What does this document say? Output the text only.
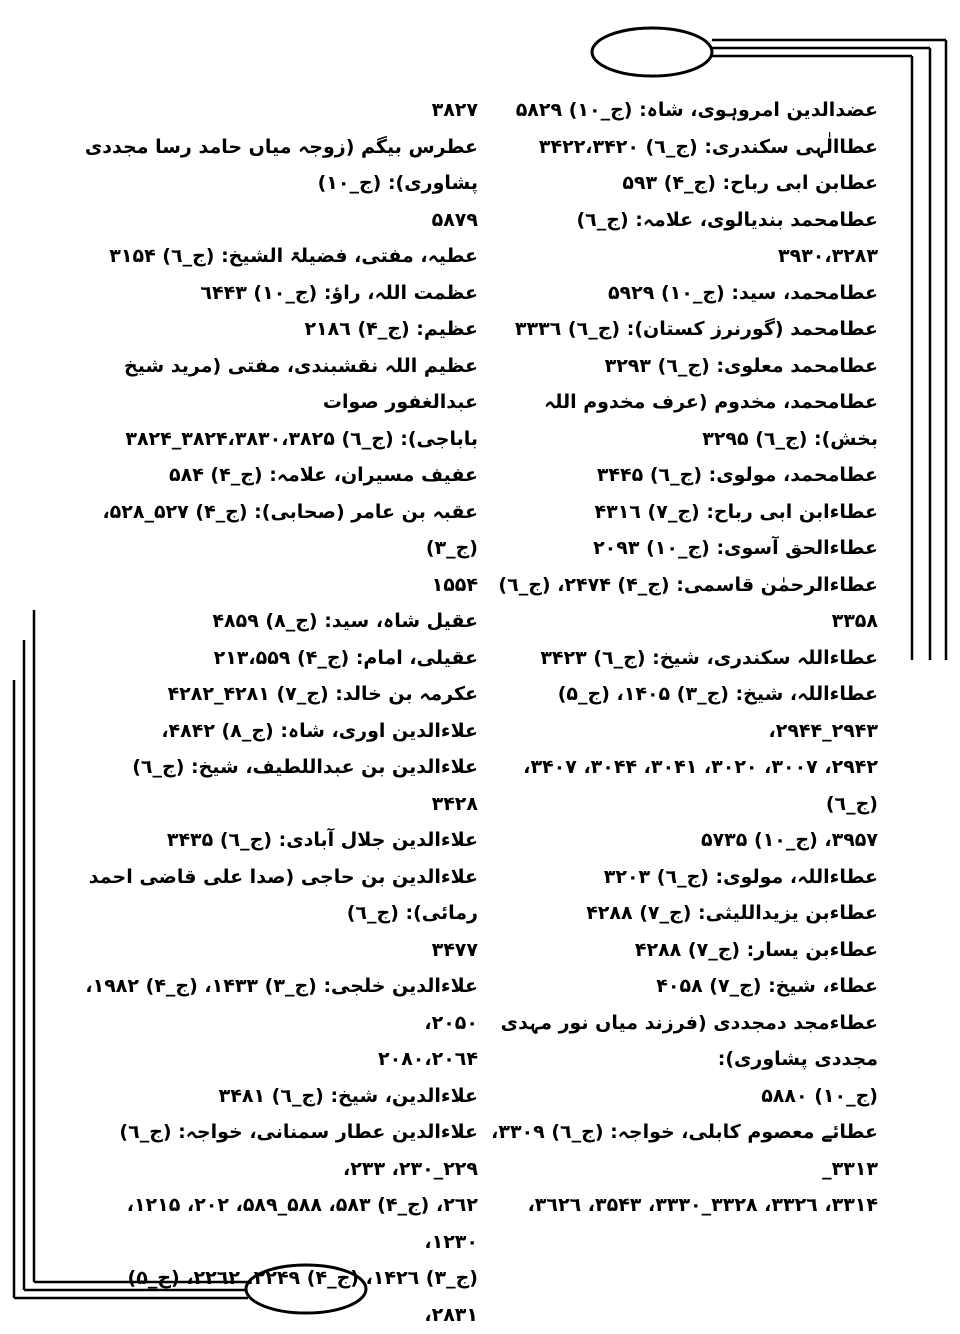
عضدالدین امروہوی، شاہ: (ج_۱۰) ۵۸۲۹
عطاالٰہی سکندری: (ج_٦) ۳۴۲۲،۳۴۲۰
عطابن ابی رباح: (ج_۴) ۵۹۳
عطامحمد بندیالوی، علامہ: (ج_٦) ۳۹۳۰،۳۲۸۳
عطامحمد، سید: (ج_۱۰) ۵۹۲۹
عطامحمد (گورنرز کستان): (ج_٦) ۳۳۳٦
عطامحمد معلوی: (ج_٦) ۳۲۹۳
عطامحمد، مخدوم (عرف مخدوم اللہ بخش): (ج_٦) ۳۲۹۵
عطامحمد، مولوی: (ج_٦) ۳۴۴۵
عطاءابن ابی رباح: (ج_۷) ۴۳۱٦
عطاءالحق آسوی: (ج_۱۰) ۲۰۹۳
عطاءالرحمٰن قاسمی: (ج_۴) ۲۴۷۴، (ج_٦) ۳۳۵۸
عطاءاللہ سکندری، شیخ: (ج_٦) ۳۴۲۳
عطاءاللہ، شیخ: (ج_۳) ۱۴۰۵، (ج_۵) ۲۹۴۳_۲۹۴۴،
۲۹۴۲، ۳۰۰۷، ۳۰۲۰، ۳۰۴۱، ۳۰۴۴، ۳۴۰۷، (ج_٦)
۳۹۵۷، (ج_۱۰) ۵۷۳۵
عطاءاللہ، مولوی: (ج_٦) ۳۲۰۳
عطاءبن یزیداللیثی: (ج_۷) ۴۲۸۸
عطاءبن یسار: (ج_۷) ۴۲۸۸
عطاء، شیخ: (ج_۷) ۴۰۵۸
عطاءمجد دمجددی (فرزند میاں نور مہدی مجددی پشاوری):
(ج_۱۰) ۵۸۸۰
عطائے معصوم کابلی، خواجہ: (ج_٦) ۳۳۰۹، ۳۳۱۳_
۳۳۱۴، ۳۳۲٦، ۳۳۲۸_۳۳۳۰، ۳۵۴۳، ۳٦۲٦،
۳۸۲۷
عطرس بیگم (زوجہ میاں حامد رسا مجددی پشاوری): (ج_۱۰)
۵۸۷۹
عطیہ، مفتی، فضیلۃ الشیخ: (ج_٦) ۳۱۵۴
عظمت اللہ، راؤ: (ج_۱۰) ٦۴۴۳
عظیم: (ج_۴) ۲۱۸٦
عظیم اللہ نقشبندی، مفتی (مرید شیخ عبدالغفور صوات
باباجی): (ج_٦) ۳۸۲۴،۳۸۳۰،۳۸۲۵_۳۸۲۴
عفیف مسیران، علامہ: (ج_۴) ۵۸۴
عقبہ بن عامر (صحابی): (ج_۴) ۵۲۷_۵۲۸، (ج_۳)
۱۵۵۴
عقیل شاہ، سید: (ج_۸) ۴۸۵۹
عقیلی، امام: (ج_۴) ۲۱۳،۵۵۹
عکرمہ بن خالد: (ج_۷) ۴۲۸۱_۴۲۸۲
علاءالدین اوری، شاہ: (ج_۸) ۴۸۴۲،
علاءالدین بن عبداللطیف، شیخ: (ج_٦) ۳۴۲۸
علاءالدین جلال آبادی: (ج_٦) ۳۴۳۵
علاءالدین بن حاجی (صدا علی قاضی احمد رمائی): (ج_٦)
۳۴۷۷
علاءالدین خلجی: (ج_۳) ۱۴۳۳، (ج_۴) ۱۹۸۲، ۲۰۵۰،
۲۰۸۰،۲۰٦۴
علاءالدین، شیخ: (ج_٦) ۳۴۸۱
علاءالدین عطار سمنانی، خواجہ: (ج_٦) ۲۲۹_۲۳۰، ۲۳۳،
۲٦۲، (ج_۴) ۵۸۳، ۵۸۸_۵۸۹، ۲۰۲، ۱۲۱۵، ۱۲۳۰،
(ج_۳) ۱۴۲٦، (ج_۴) ۲۲۴۹، ۲۲٦۲، (ج_۵) ۲۸۳۱،
